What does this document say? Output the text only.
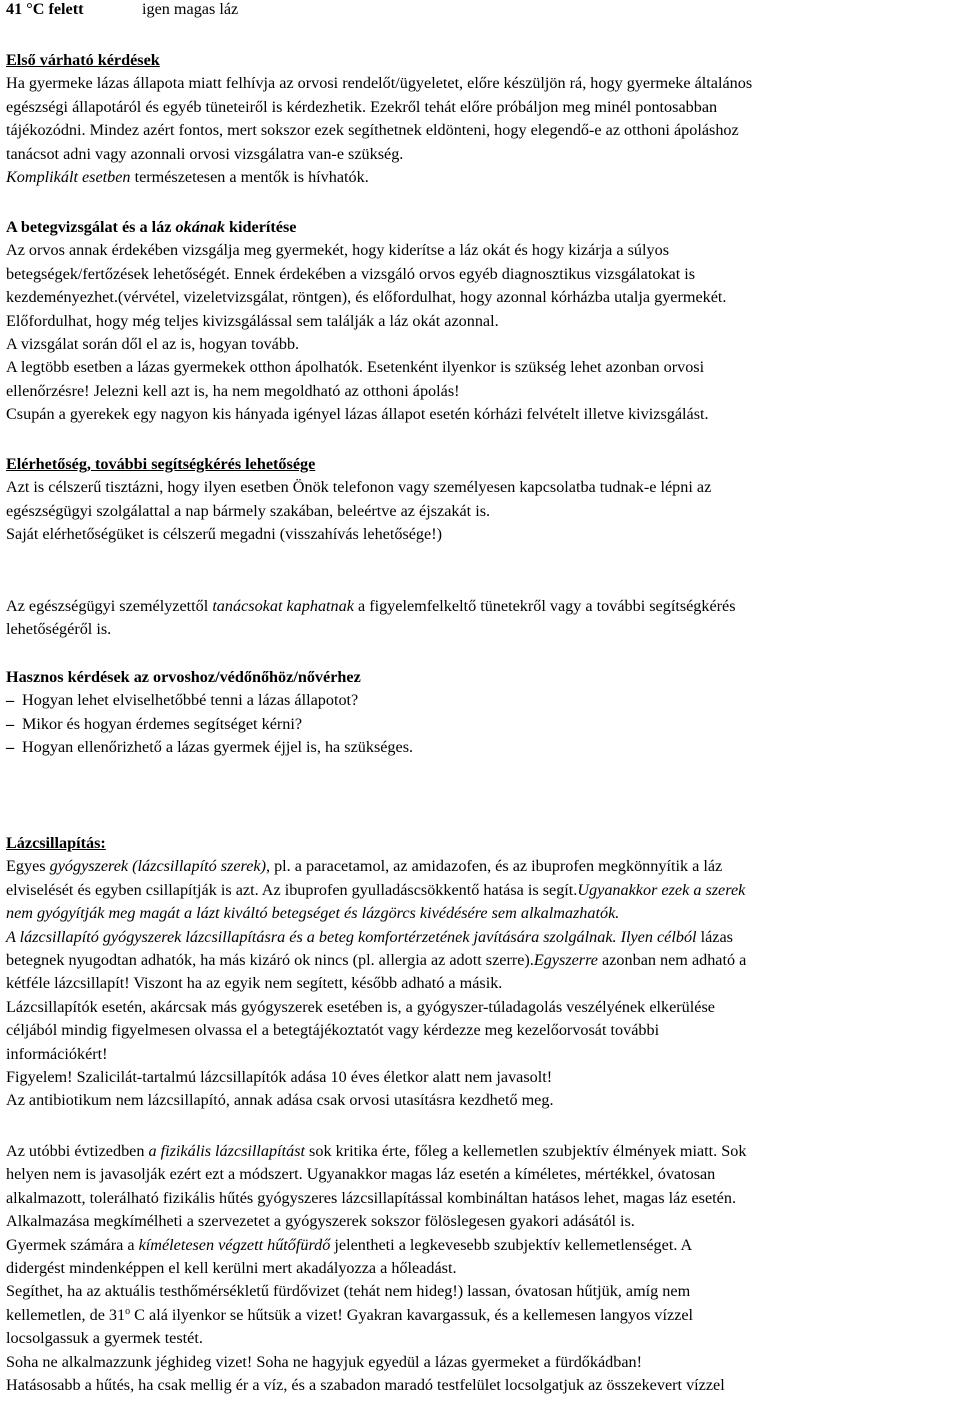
41 °C felett	igen magas láz
Első várható kérdések
Ha gyermeke lázas állapota miatt felhívja az orvosi rendelőt/ügyeletet, előre készüljön rá, hogy gyermeke általános
egészségi állapotáról és egyéb tüneteiről is kérdezhetik. Ezekről tehát előre próbáljon meg minél pontosabban
tájékozódni. Mindez azért fontos, mert sokszor ezek segíthetnek eldönteni, hogy elegendő-e az otthoni ápoláshoz
tanácsot adni vagy azonnali orvosi vizsgálatra van-e szükség.
Komplikált esetben természetesen a mentők is hívhatók.
A betegvizsgálat és a láz okának kiderítése
Az orvos annak érdekében vizsgálja meg gyermekét, hogy kiderítse a láz okát és hogy kizárja a súlyos
betegségek/fertőzések lehetőségét. Ennek érdekében a vizsgáló orvos egyéb diagnosztikus vizsgálatokat is
kezdeményezhet.(vérvétel, vizeletvizsgálat, röntgen), és előfordulhat, hogy azonnal kórházba utalja gyermekét.
Előfordulhat, hogy még teljes kivizsgálással sem találják a láz okát azonnal.
A vizsgálat során dől el az is, hogyan tovább.
A legtöbb esetben a lázas gyermekek otthon ápolhatók. Esetenként ilyenkor is szükség lehet azonban orvosi
ellenőrzésre! Jelezni kell azt is, ha nem megoldható az otthoni ápolás!
Csupán a gyerekek egy nagyon kis hányada igényel lázas állapot esetén kórházi felvételt illetve kivizsgálást.
Elérhetőség, további segítségkérés lehetősége
Azt is célszerű tisztázni, hogy ilyen esetben Önök telefonon vagy személyesen kapcsolatba tudnak-e lépni az
egészségügyi szolgálattal a nap bármely szakában, beleértve az éjszakát is.
Saját elérhetőségüket is célszerű megadni (visszahívás lehetősége!)
Az egészségügyi személyzettől tanácsokat kaphatnak a figyelemfelkeltő tünetekről vagy a további segítségkérés
lehetőségéről is.
Hasznos kérdések az orvoshoz/védőnőhöz/nővérhez
– Hogyan lehet elviselhetőbbé tenni a lázas állapotot?
– Mikor és hogyan érdemes segítséget kérni?
– Hogyan ellenőrizhető a lázas gyermek éjjel is, ha szükséges.
Lázcsillapítás:
Egyes gyógyszerek (lázcsillapító szerek), pl. a paracetamol, az amidazofen, és az ibuprofen megkönnyítik a láz
elviselését és egyben csillapítják is azt. Az ibuprofen gyulladáscsökkentő hatása is segít.Ugyanakkor ezek a szerek
nem gyógyítják meg magát a lázt kiváltó betegséget és lázgörcs kivédésére sem alkalmazhatók.
A lázcsillapító gyógyszerek lázcsillapításra és a beteg komfortérzetének javítására szolgálnak. Ilyen célból lázas
betegnek nyugodtan adhatók, ha más kizáró ok nincs (pl. allergia az adott szerre).Egyszerre azonban nem adható a
kétféle lázcsillapít! Viszont ha az egyik nem segített, később adható a másik.
Lázcsillapítók esetén, akárcsak más gyógyszerek esetében is, a gyógyszer-túladagolás veszélyének elkerülése
céljából mindig figyelmesen olvassa el a betegtájékoztatót vagy kérdezze meg kezelőorvosát további
információkért!
Figyelem! Szalicilát-tartalmú lázcsillapítók adása 10 éves életkor alatt nem javasolt!
Az antibiotikum nem lázcsillapító, annak adása csak orvosi utasításra kezdhető meg.
Az utóbbi évtizedben a fizikális lázcsillapítást sok kritika érte, főleg a kellemetlen szubjektív élmények miatt. Sok
helyen nem is javasolják ezért ezt a módszert. Ugyanakkor magas láz esetén a kíméletes, mértékkel, óvatosan
alkalmazott, tolerálható fizikális hűtés gyógyszeres lázcsillapítással kombináltan hatásos lehet, magas láz esetén.
Alkalmazása megkímélheti a szervezetet a gyógyszerek sokszor fölöslegesen gyakori adásától is.
Gyermek számára a kíméletesen végzett hűtőfürdő jelentheti a legkevesebb szubjektív kellemetlenséget. A
didergést mindenképpen el kell kerülni mert akadályozza a hőleadást.
Segíthet, ha az aktuális testhőmérsékletű fürdővizet (tehát nem hideg!) lassan, óvatosan hűtjük, amíg nem
kellemetlen, de 31$^o$ C alá ilyenkor se hűtsük a vizet! Gyakran kavargassuk, és a kellemesen langyos vízzel
locsolgassuk a gyermek testét.
Soha ne alkalmazzunk jéghideg vizet! Soha ne hagyjuk egyedül a lázas gyermeket a fürdőkádban!
Hatásosabb a hűtés, ha csak mellig ér a víz, és a szabadon maradó testfelület locsolgatjuk az összekevert vízzel
